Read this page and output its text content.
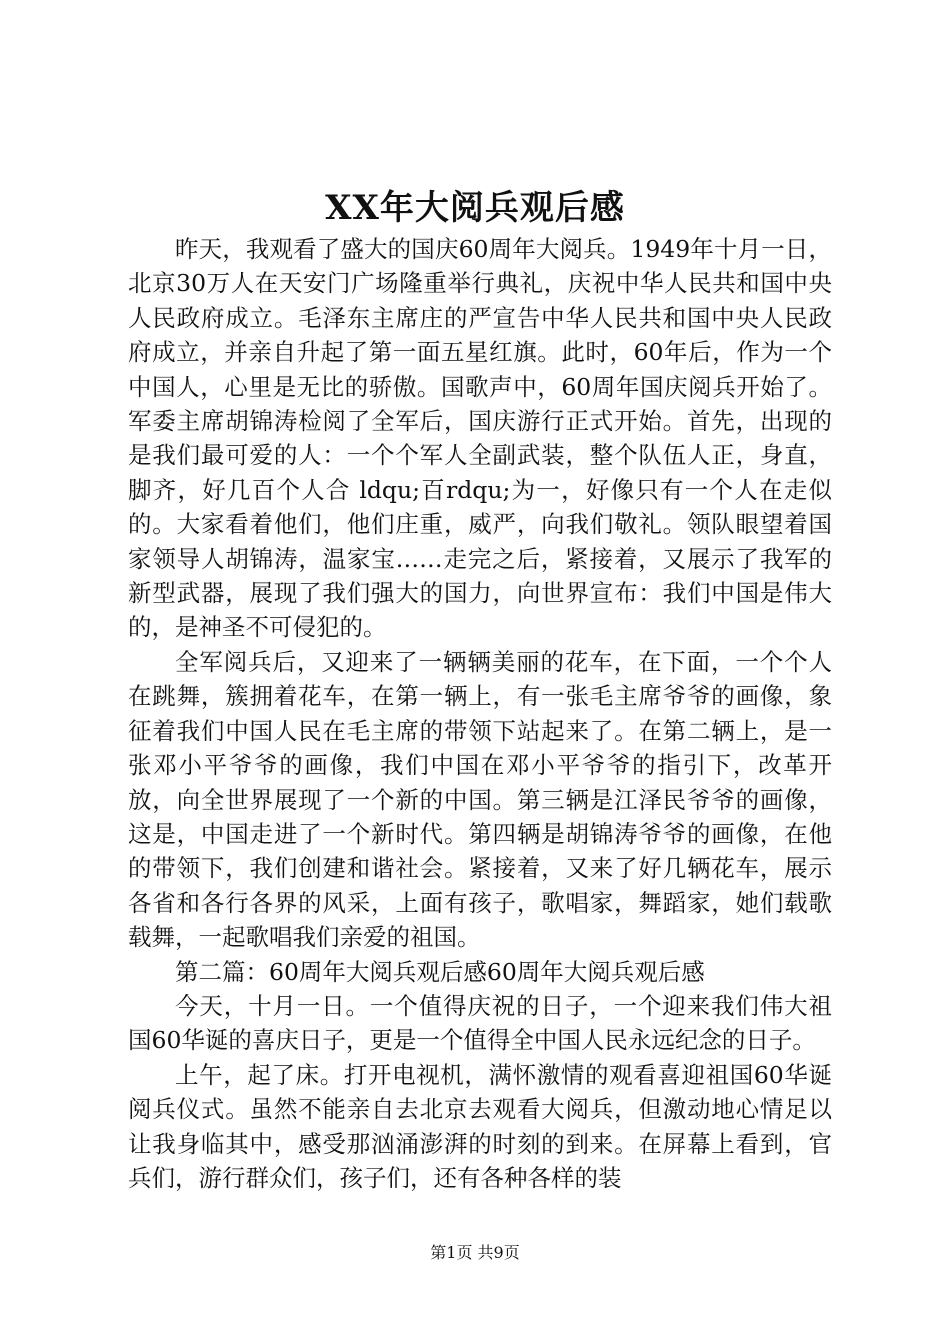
XX年大阅兵观后感

昨天，我观看了盛大的国庆60周年大阅兵。1949年十月一日，北京30万人在天安门广场隆重举行典礼，庆祝中华人民共和国中央人民政府成立。毛泽东主席庄的严宣告中华人民共和国中央人民政府成立，并亲自升起了第一面五星红旗。此时，60年后，作为一个中国人，心里是无比的骄傲。国歌声中，60周年国庆阅兵开始了。军委主席胡锦涛检阅了全军后，国庆游行正式开始。首先，出现的是我们最可爱的人：一个个军人全副武装，整个队伍人正，身直，脚齐，好几百个人合 ldqu;百rdqu;为一，好像只有一个人在走似的。大家看着他们，他们庄重，威严，向我们敬礼。领队眼望着国家领导人胡锦涛，温家宝……走完之后，紧接着，又展示了我军的新型武器，展现了我们强大的国力，向世界宣布：我们中国是伟大的，是神圣不可侵犯的。

全军阅兵后，又迎来了一辆辆美丽的花车，在下面，一个个人在跳舞，簇拥着花车，在第一辆上，有一张毛主席爷爷的画像，象征着我们中国人民在毛主席的带领下站起来了。在第二辆上，是一张邓小平爷爷的画像，我们中国在邓小平爷爷的指引下，改革开放，向全世界展现了一个新的中国。第三辆是江泽民爷爷的画像，这是，中国走进了一个新时代。第四辆是胡锦涛爷爷的画像，在他的带领下，我们创建和谐社会。紧接着，又来了好几辆花车，展示各省和各行各界的风采，上面有孩子，歌唱家，舞蹈家，她们载歌载舞，一起歌唱我们亲爱的祖国。

第二篇：60周年大阅兵观后感60周年大阅兵观后感

今天，十月一日。一个值得庆祝的日子，一个迎来我们伟大祖国60华诞的喜庆日子，更是一个值得全中国人民永远纪念的日子。

上午，起了床。打开电视机，满怀激情的观看喜迎祖国60华诞阅兵仪式。虽然不能亲自去北京去观看大阅兵，但激动地心情足以让我身临其中，感受那汹涌澎湃的时刻的到来。在屏幕上看到，官兵们，游行群众们，孩子们，还有各种各样的装

第1页 共9页
